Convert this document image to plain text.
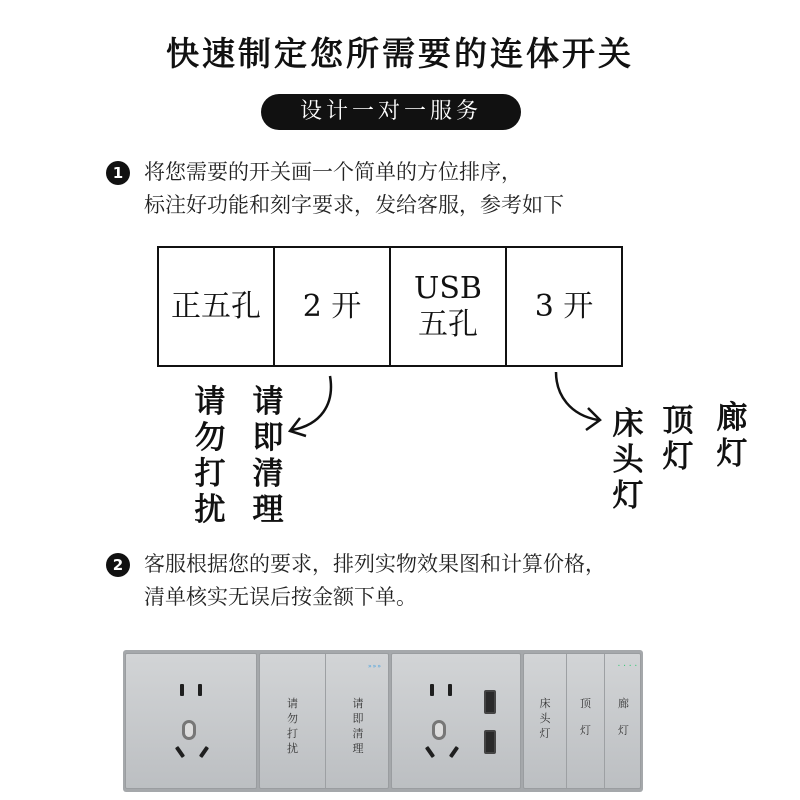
快速制定您所需要的连体开关
设计一对一服务
1 将您需要的开关画一个简单的方位排序，
标注好功能和刻字要求，发给客服，参考如下
正五孔 2 开
USB
五孔
3 开
请勿打扰
请即清理
床头灯
顶灯
廊灯
2 客服根据您的要求，排列实物效果图和计算价格，
清单核实无误后按金额下单。
请
勿
打
扰
»»»
请
即
清
理
床
头
灯
顶
灯
• • • •
廊
灯
